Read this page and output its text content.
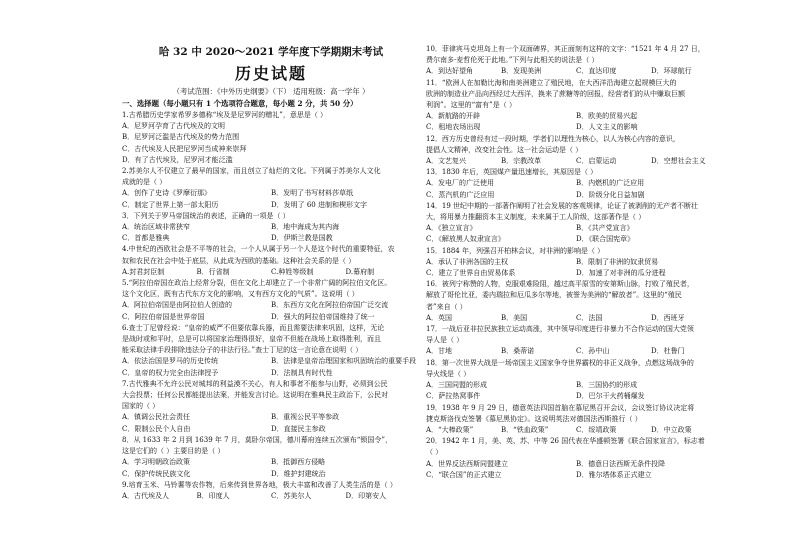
哈 32 中 2020～2021 学年度下学期期末考试
历史试题
（考试范围：《中外历史纲要》（下） 适用班级：高一学年 ）
一、选择题（每小题只有 1 个选项符合题意，每小题 2 分，共 50 分）
1.古希腊历史学家希罗多德称“埃及是尼罗河的赠礼”，意思是（ ）
A．尼罗河孕育了古代埃及的文明
B．尼罗河泛滥是古代埃及的势力范围
C．古代埃及人民把尼罗河当成神来崇拜
D．有了古代埃及，尼罗河才能泛滥
2.苏美尔人不仅建立了最早的国家，而且创立了灿烂的文化。下列属于苏美尔人文化
成就的是（ ）
A．创作了史诗《罗摩衍那》	B．发明了书写材料莎草纸
C．制定了世界上第一部太阳历	D．发明了 60 进制和楔形文字
3．下列关于罗马帝国统治的表述，正确的一项是（ ）
A．统治区域非常狭窄	B．地中海成为其内海
C．首都是雅典	D．伊斯兰教是国教
4.中世纪的西欧社会是不平等的社会，一个人从属于另一个人是这个时代的重要特征，农
奴和农民在社会中处于底层，从此成为西欧的基础。这种社会关系的是（ ）
A.封君封臣制	B．行省制	C.种姓等级制	D.幕府制
5.“阿拉伯帝国在政治上经常分裂，但在文化上却建立了一个非常广阔的阿拉伯文化区。
这个文化区，既有古代东方文化的影响，又有西方文化的气质”。这说明（ ）
A．阿拉伯帝国是由阿拉伯人创造的	B．东西方文化在阿拉伯帝国广泛交流
C．阿拉伯帝国是世界帝国	D．强大的阿拉伯帝国维持了统一
6.查士丁尼曾经说：“皇帝的威严不但要依靠兵器，而且需要法律来巩固，这样，无论
是战时或和平时，总是可以将国家治理得很好，皇帝不但能在战场上取得胜利，而且
能采取法律手段排除违法分子的非法行径。”查士丁尼的这一言论意在说明（ ）
A．依法治国是罗马的历史传统	B．法律是皇帝治理国家和巩固统治的重要手段
C．皇帝的权力完全由法律授予	D．法制具有时代性
7.古代雅典不允许公民对城邦的利益漠不关心，有人和事者不能参与山野，必须到公民
大会投票；任何公民都能提出法案，并能发言讨论。这说明在雅典民主政治下，公民对
国家的（ ）
A．镇调公民社会责任	B．重视公民平等参政
C．限制公民个人自由	D．直接民主参政
8．从 1633 年 2 月到 1639 年 7 月，莫卧尔帝国，德川幕府连续五次颁布“锁国令”，
这是它们的（ ）主要目的是（ ）
A．学习明朝政治政策	B．抵御西方侵略
C．保护传统民族文化	D．维护封建统治
9.培育玉米、马铃薯等农作物，后来传到世界各地，极大丰富和改善了人类生活的是（ ）
A．古代埃及人	B．印度人	C．苏美尔人	D．印第安人
10．菲律宾马克坦岛上有一个双面碑界，其正面刻有这样的文字：“1521 年 4 月 27 日，
费尔南多·麦哲伦死于此地。”下列与此相关的说法是（ ）
A．到达好望角	B．发现美洲	C．直达印度	D．环球航行
11．“欧洲人在加勒比海和南美洲建立了殖民地，在大西洋沿海建立起规模巨大的
欧洲的制造业产品向西经过大西洋，换来了蔗糖等的回报，经营者们的从中赚取巨额
利润”。这里的“富有”是（ ）
A．新航路的开辟	B．欧美的贸易兴起
C．租地农场出现	D．人文主义的影响
12．西方历史曾经有过一段时期，学者们以理性为核心，以人为核心内容的意识，
提倡人文精神，改变社会性。这一社会运动是（ ）
A．文艺复兴	B．宗教改革	C．启蒙运动	D．空想社会主义
13．1830 年后，英国煤产量迅速增长，其原因是（ ）
A．发电厂的广泛使用	B．内燃机的广泛应用
C．蒸汽机的广泛应用	D．阶级分化日益加剧
14．19 世纪中期的一部著作阐明了社会发展的客观规律，论证了被剥削的无产者不断壮
大，将用暴力推翻资本主义制度，未来属于工人阶级，这部著作是（ ）
A．《独立宣言》	B．《共产党宣言》
C．《解放黑人奴隶宣言》	D．《联合国宪章》
15．1884 年，列强召开柏林会议，对非洲的影响是（ ）
A．承认了非洲各国的主权	B．限制了非洲的奴隶贸易
C．建立了世界自由贸易体系	D．加速了对非洲的瓜分进程
16．被列宁称赞的人物，克服艰难险阻，越过高平原雪的安第斯山脉，打败了殖民者，
解放了哥伦比亚，委内瑞拉和厄瓜多尔等地，被誉为美洲的“解放者”。这里的“殖民
者”来自（ ）
A．英国	B．美国	C．法国	D．西班牙
17．一战后亚非拉民族独立运动高涨，其中领导印度进行非暴力不合作运动的国大党领
导人是（ ）
A．甘地	B．桑蒂诺	C．孙中山	D．杜鲁门
18．第一次世界大战是一场帝国主义国家争夺世界霸权的非正义战争，点燃这场战争的
导火线是（ ）
A．三国同盟的形成	B．三国协约的形成
C．萨拉热窝事件	D．巴尔干火药桶爆发
19．1938 年 9 月 29 日，德意英法四国首脑在慕尼黑召开会议，会议签订协议决定将
捷克斯洛伐克签署《慕尼黑协定》。这说明英法对德国法西斯推行（ ）
A．“大棒政策”	B．“铁血政策”	C．绥靖政策	D．中立政策
20．1942 年 1 月，美、英、苏、中等 26 国代表在华盛顿签署《联合国家宣言》，标志着
（ ）
A．世界反法西斯同盟建立	B．德意日法西斯无条件投降
C．“联合国”的正式建立	D．雅尔塔体系正式建立
